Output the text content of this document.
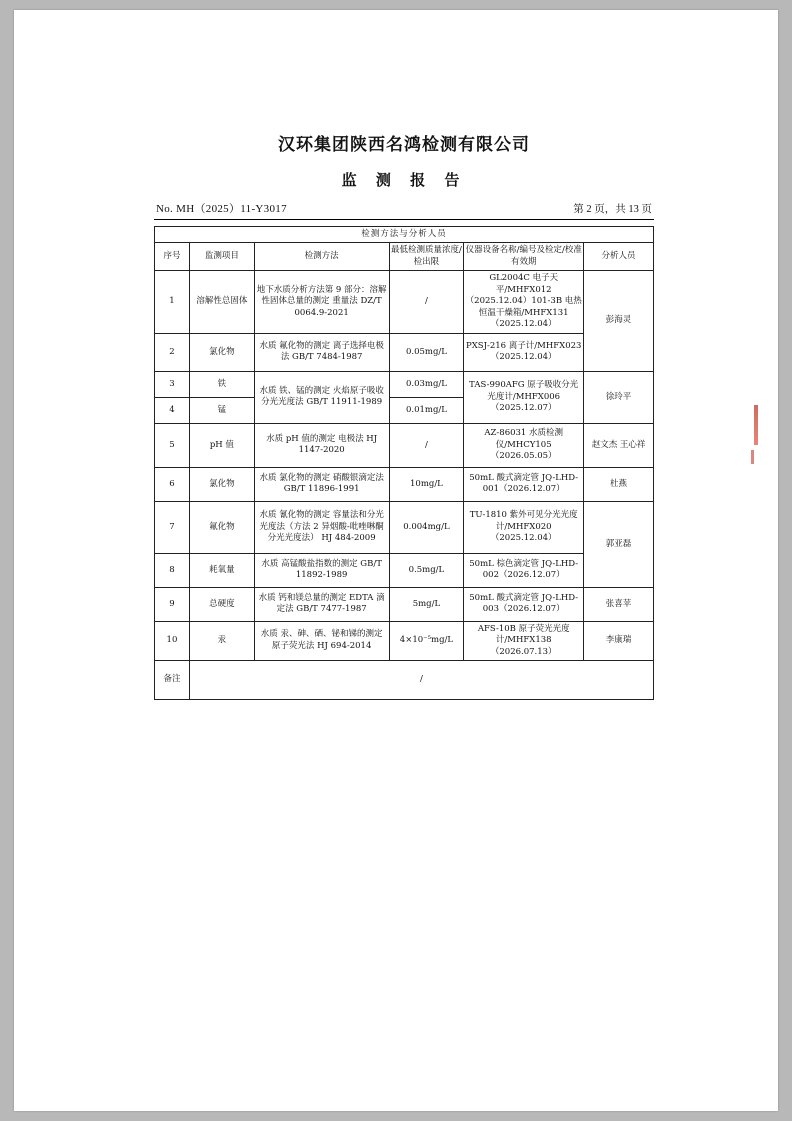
汉环集团陕西名鸿检测有限公司
监 测 报 告
No. MH（2025）11-Y3017	第 2 页，共 13 页
检测方法与分析人员					
序号	监测项目	检测方法	最低检测质量浓度/检出限	仪器设备名称/编号及检定/校准有效期	分析人员
1	溶解性总固体	地下水质分析方法第 9 部分：溶解性固体总量的测定 重量法 DZ/T 0064.9-2021	/	GL2004C 电子天平/MHFX012（2025.12.04）101-3B 电热恒温干燥箱/MHFX131（2025.12.04）	彭海灵
2	氯化物	水质 氟化物的测定 离子选择电极法 GB/T 7484-1987	0.05mg/L	PXSJ-216 离子计/MHFX023（2025.12.04）	
3	铁	水质 铁、锰的测定 火焰原子吸收分光光度法 GB/T 11911-1989	0.03mg/L	TAS-990AFG 原子吸收分光光度计/MHFX006（2025.12.07）	徐玲平
4	锰		0.01mg/L		
5	pH 值	水质 pH 值的测定 电极法 HJ 1147-2020	/	AZ-86031 水质检测仪/MHCY105（2026.05.05）	赵文杰 王心祥
6	氯化物	水质 氯化物的测定 硝酸银滴定法 GB/T 11896-1991	10mg/L	50mL 酸式滴定管 JQ-LHD-001（2026.12.07）	杜燕
7	氟化物	水质 氰化物的测定 容量法和分光光度法（方法 2 异烟酸-吡唑啉酮分光光度法） HJ 484-2009	0.004mg/L	TU-1810 紫外可见分光光度计/MHFX020（2025.12.04）	郭亚磊
8	耗氧量	水质 高锰酸盐指数的测定 GB/T 11892-1989	0.5mg/L	50mL 棕色滴定管 JQ-LHD-002（2026.12.07）	
9	总硬度	水质 钙和镁总量的测定 EDTA 滴定法 GB/T 7477-1987	5mg/L	50mL 酸式滴定管 JQ-LHD-003（2026.12.07）	张喜苹
10	汞	水质 汞、砷、硒、铋和锑的测定 原子荧光法 HJ 694-2014	4×10⁻⁵mg/L	AFS-10B 原子荧光光度计/MHFX138（2026.07.13）	李康瑞
备注	/				
